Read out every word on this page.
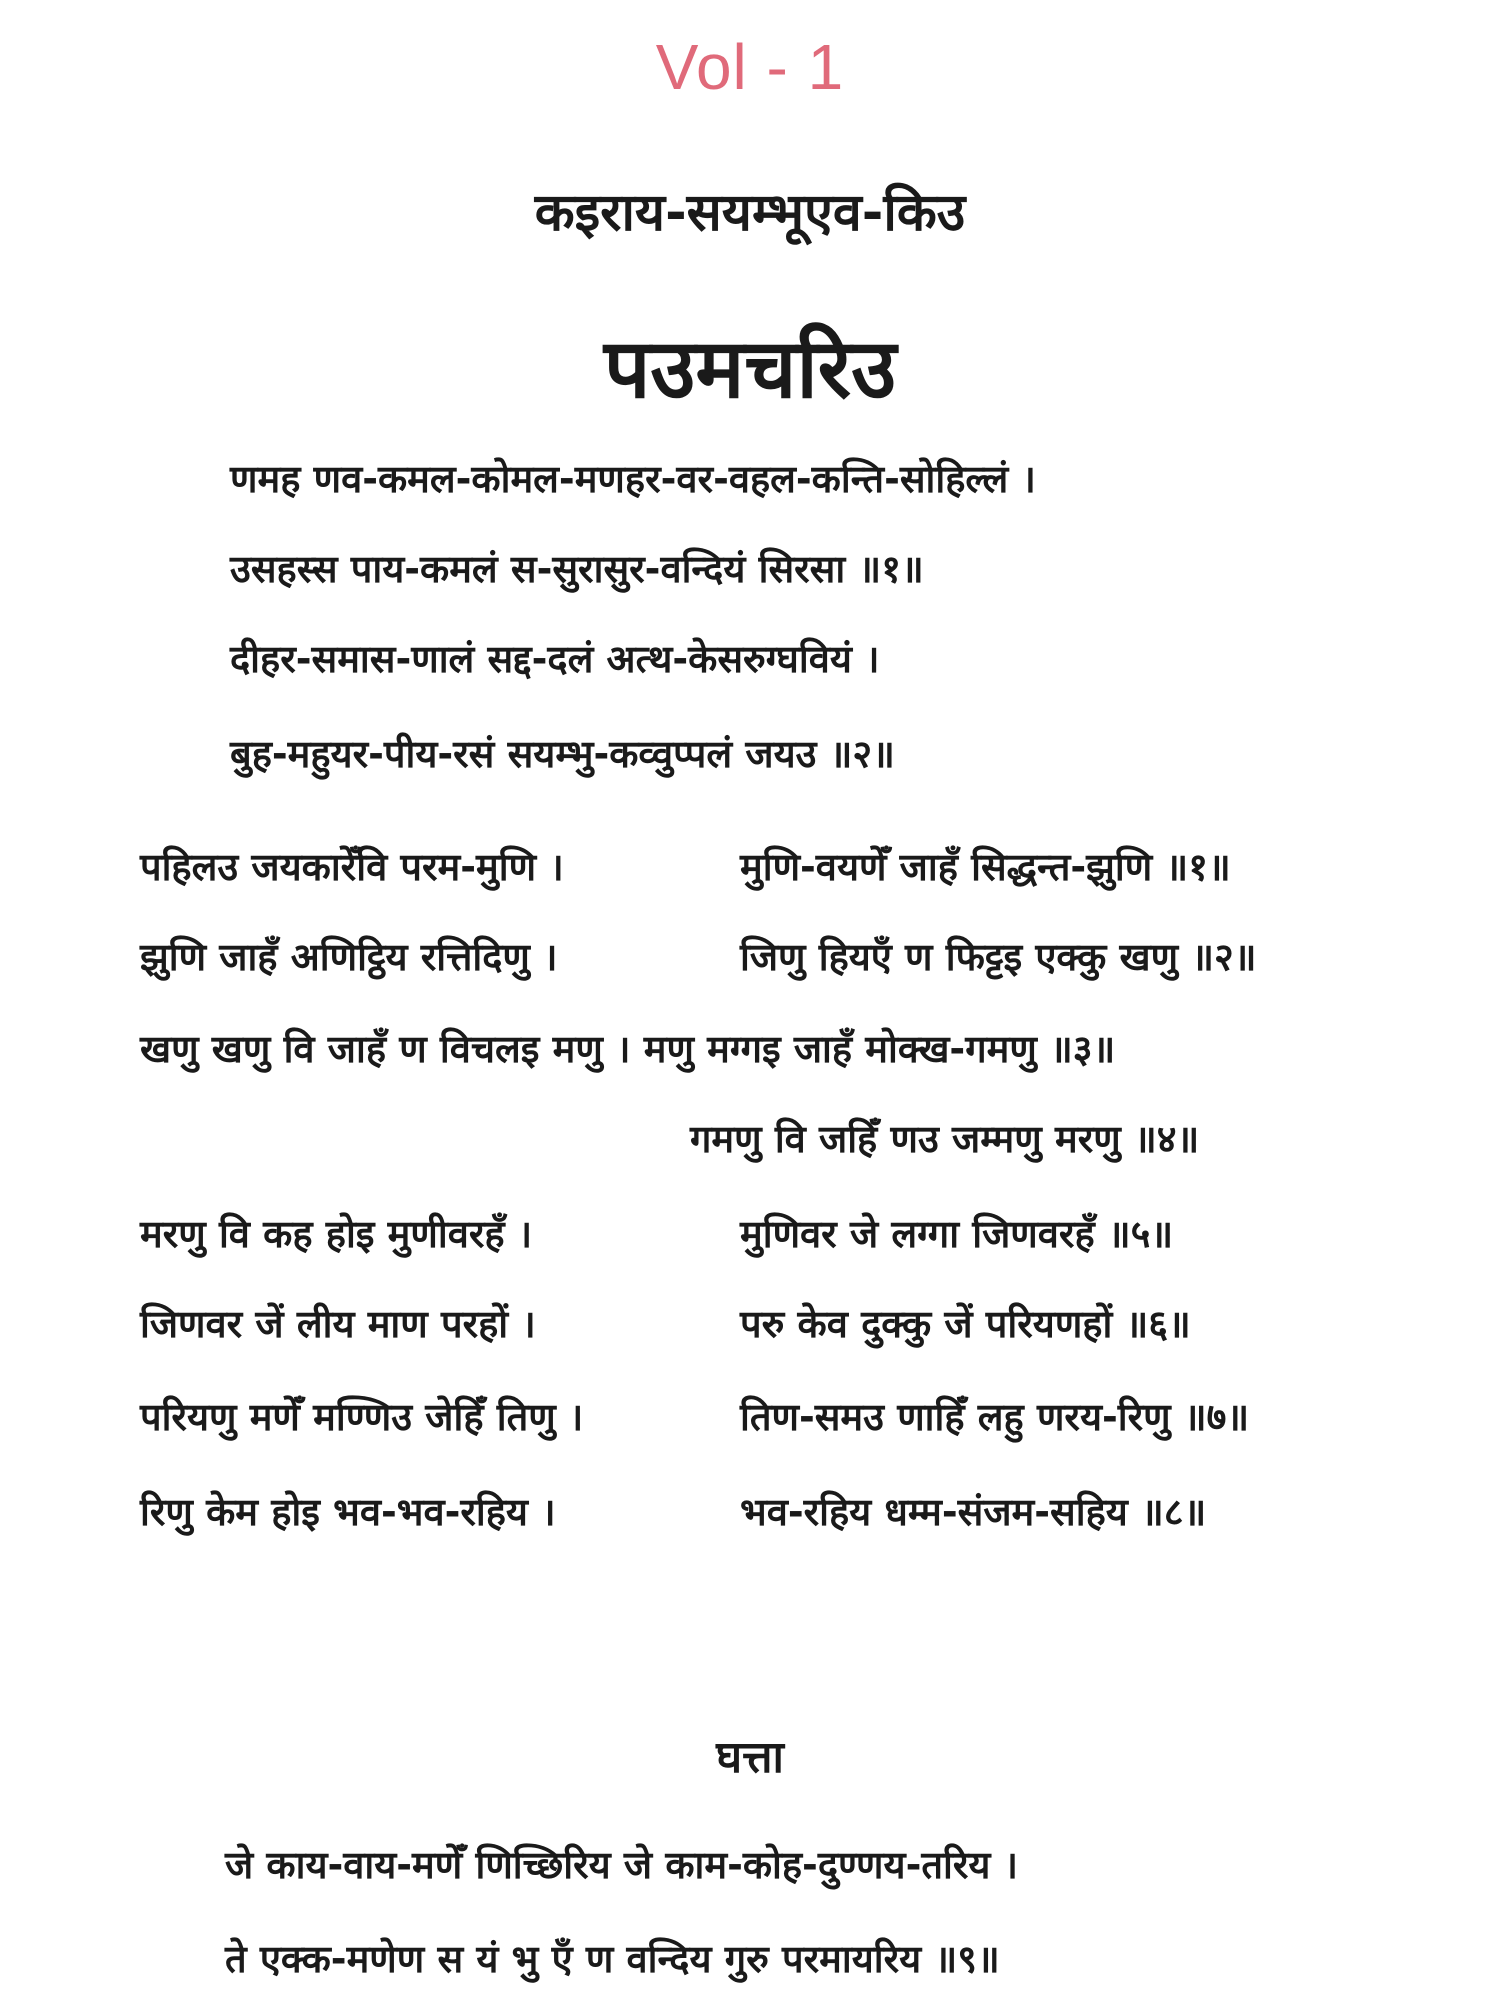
Vol - 1
कइराय-सयम्भूएव-किउ
पउमचरिउ
णमह णव-कमल-कोमल-मणहर-वर-वहल-कन्ति-सोहिल्लं ।
उसहस्स पाय-कमलं स-सुरासुर-वन्दियं सिरसा ॥१॥
दीहर-समास-णालं सद्द-दलं अत्थ-केसरुग्घवियं ।
बुह-महुयर-पीय-रसं सयम्भु-कव्वुप्पलं जयउ ॥२॥
पहिलउ जयकारेँवि परम-मुणि ।	मुणि-वयणेँ जाहँ सिद्धन्त-झुणि ॥१॥
झुणि जाहँ अणिट्ठिय रत्तिदिणु ।	जिणु हियएँ ण फिट्टइ एक्कु खणु ॥२॥
खणु खणु वि जाहँ ण विचलइ मणु । मणु मग्गइ जाहँ मोक्ख-गमणु ॥३॥
गमणु वि जहिँ णउ जम्मणु मरणु ॥४॥
मरणु वि कह होइ मुणीवरहँ ।	मुणिवर जे लग्गा जिणवरहँ ॥५॥
जिणवर जें लीय माण परहों ।	परु केव दुक्कु जें परियणहों ॥६॥
परियणु मणेँ मण्णिउ जेहिँ तिणु ।	तिण-समउ णाहिँ लहु णरय-रिणु ॥७॥
रिणु केम होइ भव-भव-रहिय ।	भव-रहिय धम्म-संजम-सहिय ॥८॥
घत्ता
जे काय-वाय-मणेँ णिच्छिरिय जे काम-कोह-दुण्णय-तरिय ।
ते एक्क-मणेण स यं भु एँ ण वन्दिय गुरु परमायरिय ॥९॥
